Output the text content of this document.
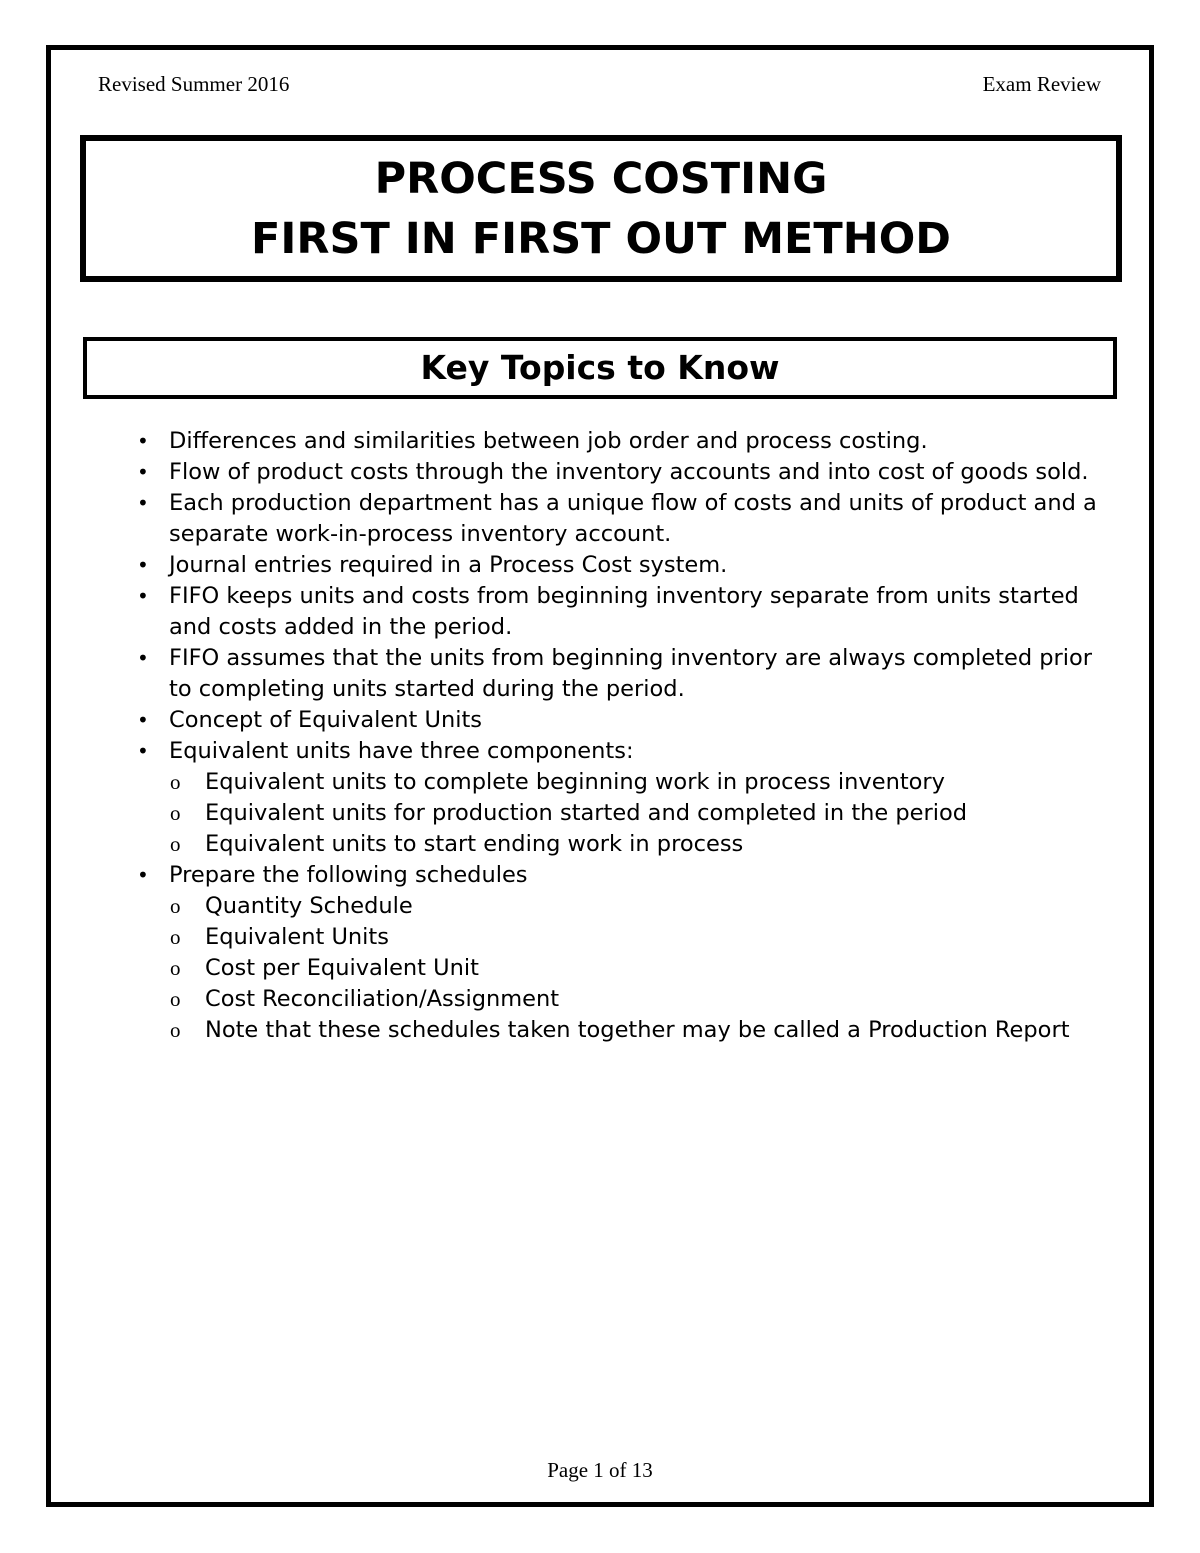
Revised Summer 2016	Exam Review
PROCESS COSTING
FIRST IN FIRST OUT METHOD
Key Topics to Know
• Differences and similarities between job order and process costing.
• Flow of product costs through the inventory accounts and into cost of goods sold.
• Each production department has a unique flow of costs and units of product and a
separate work-in-process inventory account.
• Journal entries required in a Process Cost system.
• FIFO keeps units and costs from beginning inventory separate from units started
and costs added in the period.
• FIFO assumes that the units from beginning inventory are always completed prior
to completing units started during the period.
• Concept of Equivalent Units
• Equivalent units have three components:
o Equivalent units to complete beginning work in process inventory
o Equivalent units for production started and completed in the period
o Equivalent units to start ending work in process
• Prepare the following schedules
o Quantity Schedule
o Equivalent Units
o Cost per Equivalent Unit
o Cost Reconciliation/Assignment
o Note that these schedules taken together may be called a Production Report
Page 1 of 13
